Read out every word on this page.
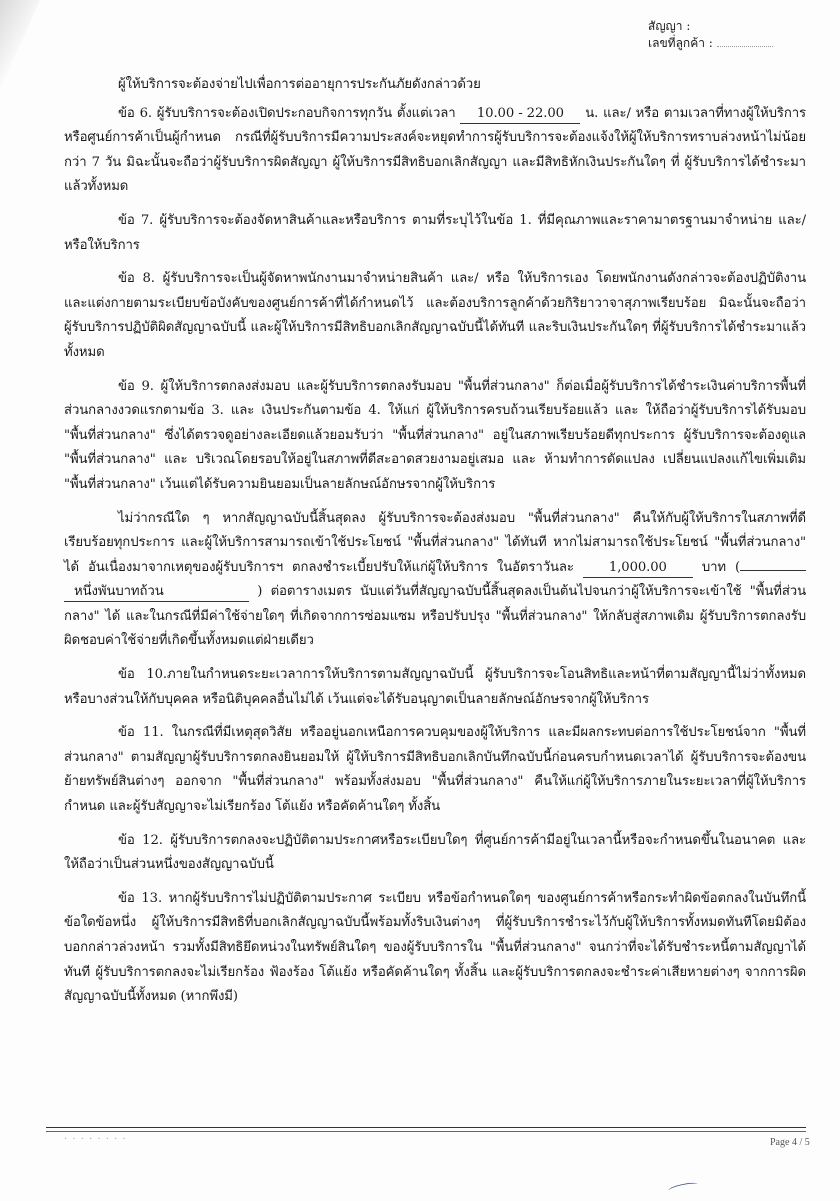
สัญญา :
เลขที่ลูกค้า :

ผู้ให้บริการจะต้องจ่ายไปเพื่อการต่ออายุการประกันภัยดังกล่าวด้วย

ข้อ 6. ผู้รับบริการจะต้องเปิดประกอบกิจการทุกวัน ตั้งแต่เวลา 10.00 - 22.00 น. และ/ หรือ ตามเวลาที่ทางผู้ให้บริการหรือศูนย์การค้าเป็นผู้กำหนด กรณีที่ผู้รับบริการมีความประสงค์จะหยุดทำการผู้รับบริการจะต้องแจ้งให้ผู้ให้บริการทราบล่วงหน้าไม่น้อยกว่า 7 วัน มิฉะนั้นจะถือว่าผู้รับบริการผิดสัญญา ผู้ให้บริการมีสิทธิบอกเลิกสัญญา และมีสิทธิหักเงินประกันใดๆ ที่ ผู้รับบริการได้ชำระมาแล้วทั้งหมด

ข้อ 7. ผู้รับบริการจะต้องจัดหาสินค้าและหรือบริการ ตามที่ระบุไว้ในข้อ 1. ที่มีคุณภาพและราคามาตรฐานมาจำหน่าย และ/ หรือให้บริการ

ข้อ 8. ผู้รับบริการจะเป็นผู้จัดหาพนักงานมาจำหน่ายสินค้า และ/ หรือ ให้บริการเอง โดยพนักงานดังกล่าวจะต้องปฏิบัติงานและแต่งกายตามระเบียบข้อบังคับของศูนย์การค้าที่ได้กำหนดไว้ และต้องบริการลูกค้าด้วยกิริยาวาจาสุภาพเรียบร้อย มิฉะนั้นจะถือว่าผู้รับบริการปฏิบัติผิดสัญญาฉบับนี้ และผู้ให้บริการมีสิทธิบอกเลิกสัญญาฉบับนี้ได้ทันที และริบเงินประกันใดๆ ที่ผู้รับบริการได้ชำระมาแล้วทั้งหมด

ข้อ 9. ผู้ให้บริการตกลงส่งมอบ และผู้รับบริการตกลงรับมอบ "พื้นที่ส่วนกลาง" ก็ต่อเมื่อผู้รับบริการได้ชำระเงินค่าบริการพื้นที่ส่วนกลางงวดแรกตามข้อ 3. และ เงินประกันตามข้อ 4. ให้แก่ ผู้ให้บริการครบถ้วนเรียบร้อยแล้ว และ ให้ถือว่าผู้รับบริการได้รับมอบ "พื้นที่ส่วนกลาง" ซึ่งได้ตรวจดูอย่างละเอียดแล้วยอมรับว่า "พื้นที่ส่วนกลาง" อยู่ในสภาพเรียบร้อยดีทุกประการ ผู้รับบริการจะต้องดูแล "พื้นที่ส่วนกลาง" และ บริเวณโดยรอบให้อยู่ในสภาพที่ดีสะอาดสวยงามอยู่เสมอ และ ห้ามทำการดัดแปลง เปลี่ยนแปลงแก้ไขเพิ่มเติม "พื้นที่ส่วนกลาง" เว้นแต่ได้รับความยินยอมเป็นลายลักษณ์อักษรจากผู้ให้บริการ

ไม่ว่ากรณีใด ๆ หากสัญญาฉบับนี้สิ้นสุดลง ผู้รับบริการจะต้องส่งมอบ "พื้นที่ส่วนกลาง" คืนให้กับผู้ให้บริการในสภาพที่ดีเรียบร้อยทุกประการ และผู้ให้บริการสามารถเข้าใช้ประโยชน์ "พื้นที่ส่วนกลาง" ได้ทันที หากไม่สามารถใช้ประโยชน์ "พื้นที่ส่วนกลาง" ได้ อันเนื่องมาจากเหตุของผู้รับบริการฯ ตกลงชำระเบี้ยปรับให้แก่ผู้ให้บริการ ในอัตราวันละ	1,000.00	บาท ( หนึ่งพันบาทถ้วน	) ต่อตารางเมตร นับแต่วันที่สัญญาฉบับนี้สิ้นสุดลงเป็นต้นไปจนกว่าผู้ให้บริการจะเข้าใช้ "พื้นที่ส่วนกลาง" ได้ และในกรณีที่มีค่าใช้จ่ายใดๆ ที่เกิดจากการซ่อมแซม หรือปรับปรุง "พื้นที่ส่วนกลาง" ให้กลับสู่สภาพเดิม ผู้รับบริการตกลงรับผิดชอบค่าใช้จ่ายที่เกิดขึ้นทั้งหมดแต่ฝ่ายเดียว

ข้อ 10.ภายในกำหนดระยะเวลาการให้บริการตามสัญญาฉบับนี้ ผู้รับบริการจะโอนสิทธิและหน้าที่ตามสัญญานี้ไม่ว่าทั้งหมดหรือบางส่วนให้กับบุคคล หรือนิติบุคคลอื่นไม่ได้ เว้นแต่จะได้รับอนุญาตเป็นลายลักษณ์อักษรจากผู้ให้บริการ

ข้อ 11. ในกรณีที่มีเหตุสุดวิสัย หรืออยู่นอกเหนือการควบคุมของผู้ให้บริการ และมีผลกระทบต่อการใช้ประโยชน์จาก "พื้นที่ส่วนกลาง" ตามสัญญาผู้รับบริการตกลงยินยอมให้ ผู้ให้บริการมีสิทธิบอกเลิกบันทึกฉบับนี้ก่อนครบกำหนดเวลาได้ ผู้รับบริการจะต้องขนย้ายทรัพย์สินต่างๆ ออกจาก "พื้นที่ส่วนกลาง" พร้อมทั้งส่งมอบ "พื้นที่ส่วนกลาง" คืนให้แก่ผู้ให้บริการภายในระยะเวลาที่ผู้ให้บริการกำหนด และผู้รับสัญญาจะไม่เรียกร้อง โต้แย้ง หรือคัดค้านใดๆ ทั้งสิ้น

ข้อ 12. ผู้รับบริการตกลงจะปฏิบัติตามประกาศหรือระเบียบใดๆ ที่ศูนย์การค้ามีอยู่ในเวลานี้หรือจะกำหนดขึ้นในอนาคต และให้ถือว่าเป็นส่วนหนึ่งของสัญญาฉบับนี้

ข้อ 13. หากผู้รับบริการไม่ปฏิบัติตามประกาศ ระเบียบ หรือข้อกำหนดใดๆ ของศูนย์การค้าหรือกระทำผิดข้อตกลงในบันทึกนี้ข้อใดข้อหนึ่ง ผู้ให้บริการมีสิทธิที่บอกเลิกสัญญาฉบับนี้พร้อมทั้งริบเงินต่างๆ ที่ผู้รับบริการชำระไว้กับผู้ให้บริการทั้งหมดทันทีโดยมิต้องบอกกล่าวล่วงหน้า รวมทั้งมีสิทธิยึดหน่วงในทรัพย์สินใดๆ ของผู้รับบริการใน "พื้นที่ส่วนกลาง" จนกว่าที่จะได้รับชำระหนี้ตามสัญญาได้ทันที ผู้รับบริการตกลงจะไม่เรียกร้อง ฟ้องร้อง โต้แย้ง หรือคัดค้านใดๆ ทั้งสิ้น และผู้รับบริการตกลงจะชำระค่าเสียหายต่างๆ จากการผิดสัญญาฉบับนี้ทั้งหมด (หากพึงมี)

· · · · · · · ·	Page 4 / 5
